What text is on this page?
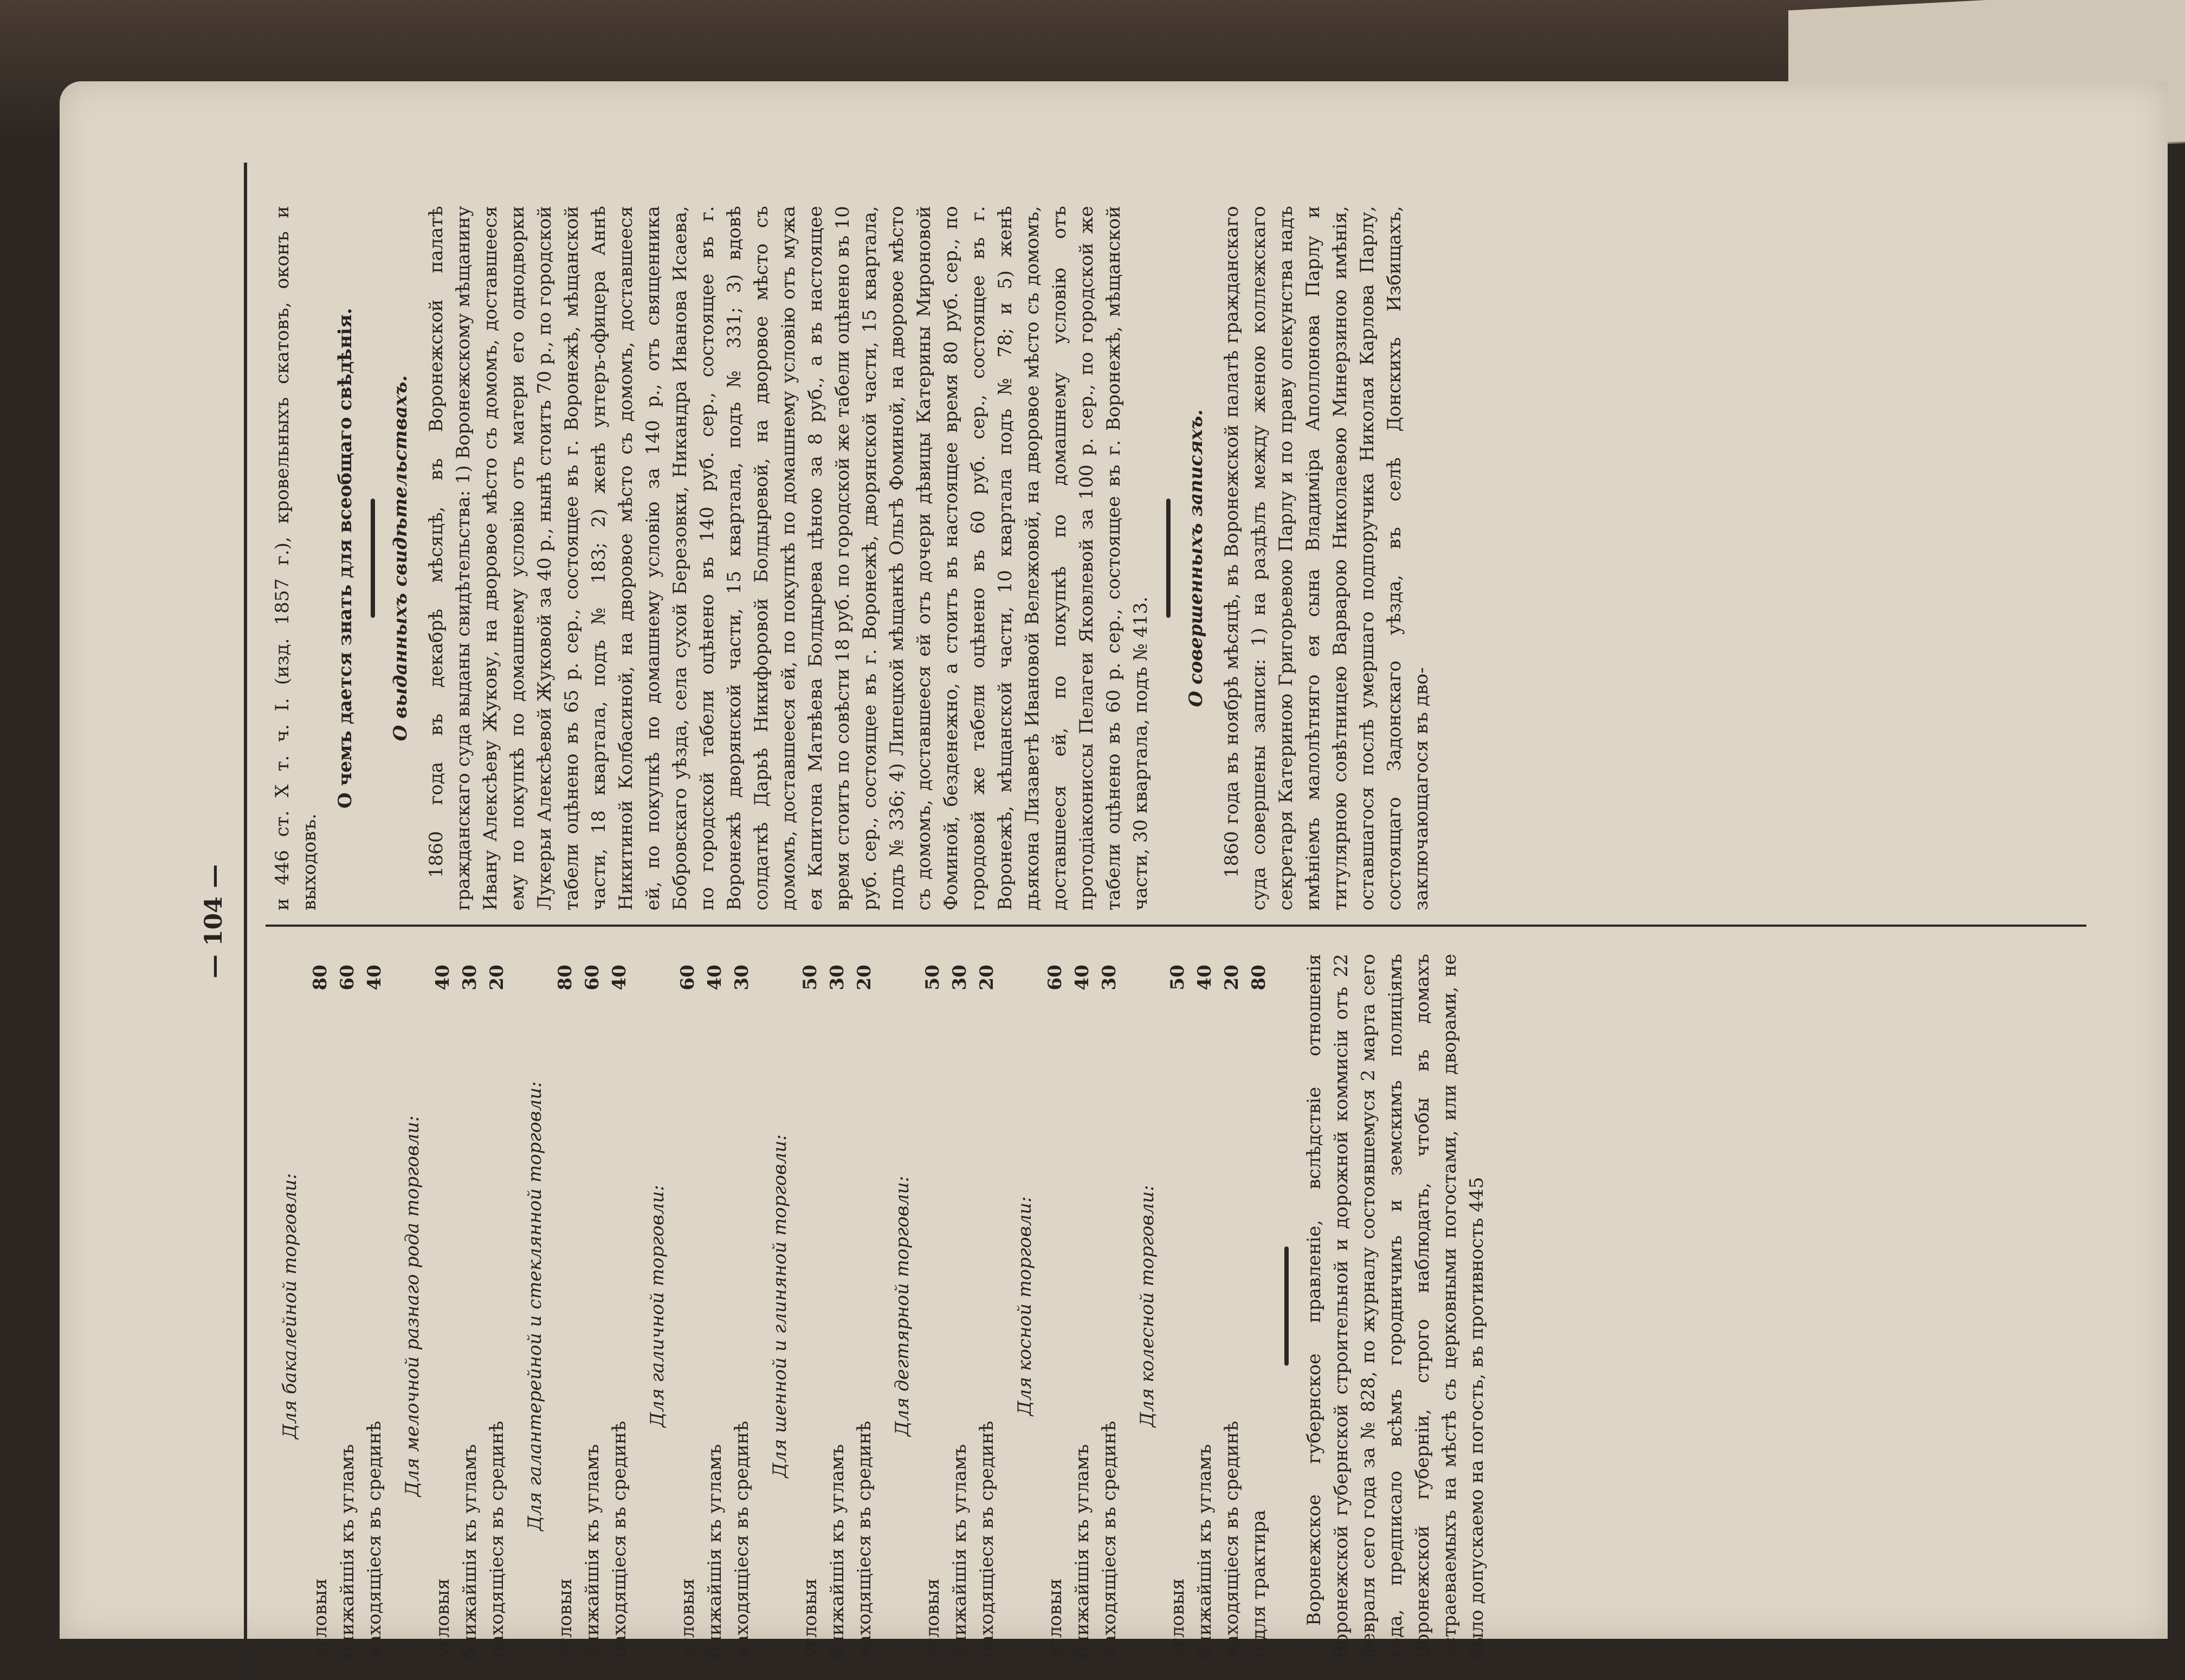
— 104 —
Для бакалейной торговли:
угловыя
80
ближайшія къ угламъ
60
находящіеся въ срединѣ
40
Для мелочной разнаго рода торговли:
угловыя
40
ближайшія къ угламъ
30
находящіеся въ срединѣ
20
Для галантерейной и стеклянной торговли:
угловыя
80
ближайшія къ угламъ
60
находящіеся въ срединѣ
40
Для галичной торговли:
угловыя
60
ближайшія къ угламъ
40
находящіеся въ срединѣ
30
Для шенной и глиняной торговли:
угловыя
50
ближайшія къ угламъ
30
находящіеся въ срединѣ
20
Для дегтярной торговли:
угловыя
50
ближайшія къ угламъ
30
находящіеся въ срединѣ
20
Для косной торговли:
угловыя
60
ближайшія къ угламъ
40
находящіеся въ срединѣ
30
Для колесной торговли:
угловыя
50
ближайшія къ угламъ
40
находящіеся въ срединѣ
20
и для трактира
80 Воронежское губернское правленіе, вслѣдствіе отношенія Воронежской губернской строительной и дорожной коммисіи отъ 22 февраля сего года за № 828, по журналу состоявшемуся 2 марта сего года, предписало всѣмъ городничимъ и земскимъ полиціямъ Воронежской губерніи, строго наблюдать, чтобы въ домахъ устраеваемыхъ на мѣстѣ съ церковными погостами, или дворами, не было допускаемо на погость, въ противность 445

и 446 ст. X т. ч. I. (изд. 1857 г.), кровельныхъ скатовъ, оконъ и выходовъ.

О чемъ дается знать для всеобщаго свѣдѣнія. О выданныхъ свидѣтельствахъ. 1860 года въ декабрѣ мѣсяцѣ, въ Воронежской палатѣ гражданскаго суда выданы свидѣтельства: 1) Воронежскому мѣщанину Ивану Алексѣеву Жукову, на дворовое мѣсто съ домомъ, доставшееся ему по покупкѣ по домашнему условію отъ матери его однодворки Лукерьи Алексѣевой Жуковой за 40 р., нынѣ стоитъ 70 р., по городской табели оцѣнено въ 65 р. сер., состоящее въ г. Воронежѣ, мѣщанской части, 18 квартала, подъ № 183; 2) женѣ унтеръ-офицера Аннѣ Никитиной Колбасиной, на дворовое мѣсто съ домомъ, доставшееся ей, по покупкѣ по домашнему условію за 140 р., отъ священника Бобровскаго уѣзда, села сухой Березовки, Никандра Иванова Исаева, по городской табели оцѣнено въ 140 руб. сер., состоящее въ г. Воронежѣ дворянской части, 15 квартала, подъ № 331; 3) вдовѣ солдаткѣ Дарьѣ Никифоровой Болдыревой, на дворовое мѣсто съ домомъ, доставшееся ей, по покупкѣ по домашнему условію отъ мужа ея Капитона Матвѣева Болдырева цѣною за 8 руб., а въ настоящее время стоитъ по совѣсти 18 руб. по городской же табели оцѣнено въ 10 руб. сер., состоящее въ г. Воронежѣ, дворянской части, 15 квартала, подъ № 336; 4) Липецкой мѣщанкѣ Ольгѣ Фоминой, на дворовое мѣсто съ домомъ, доставшееся ей отъ дочери дѣвицы Катерины Мироновой Фоминой, безденежно, а стоитъ въ настоящее время 80 руб. сер., по городовой же табели оцѣнено въ 60 руб. сер., состоящее въ г. Воронежѣ, мѣщанской части, 10 квартала подъ № 78; и 5) женѣ дьякона Лизаветѣ Ивановой Вележовой, на дворовое мѣсто съ домомъ, доставшееся ей, по покупкѣ по домашнему условію отъ протодіакониссы Пелагеи Яковлевой за 100 р. сер., по городской же табели оцѣнено въ 60 р. сер., состоящее въ г. Воронежѣ, мѣщанской части, 30 квартала, подъ № 413.

О совершенныхъ записяхъ. 1860 года въ ноябрѣ мѣсяцѣ, въ Воронежской палатѣ гражданскаго суда совершены записи: 1) на раздѣлъ между женою коллежскаго секретаря Катериною Григорьевою Парлу и по праву опекунства надъ имѣніемъ малолѣтняго ея сына Владиміра Аполлонова Парлу и титулярною совѣтницею Варварою Николаевою Минерзиною имѣнія, оставшагося послѣ умершаго подпоручика Николая Карлова Парлу, состоящаго Задонскаго уѣзда, въ селѣ Донскихъ Избищахъ, заключающагося въ дво-
